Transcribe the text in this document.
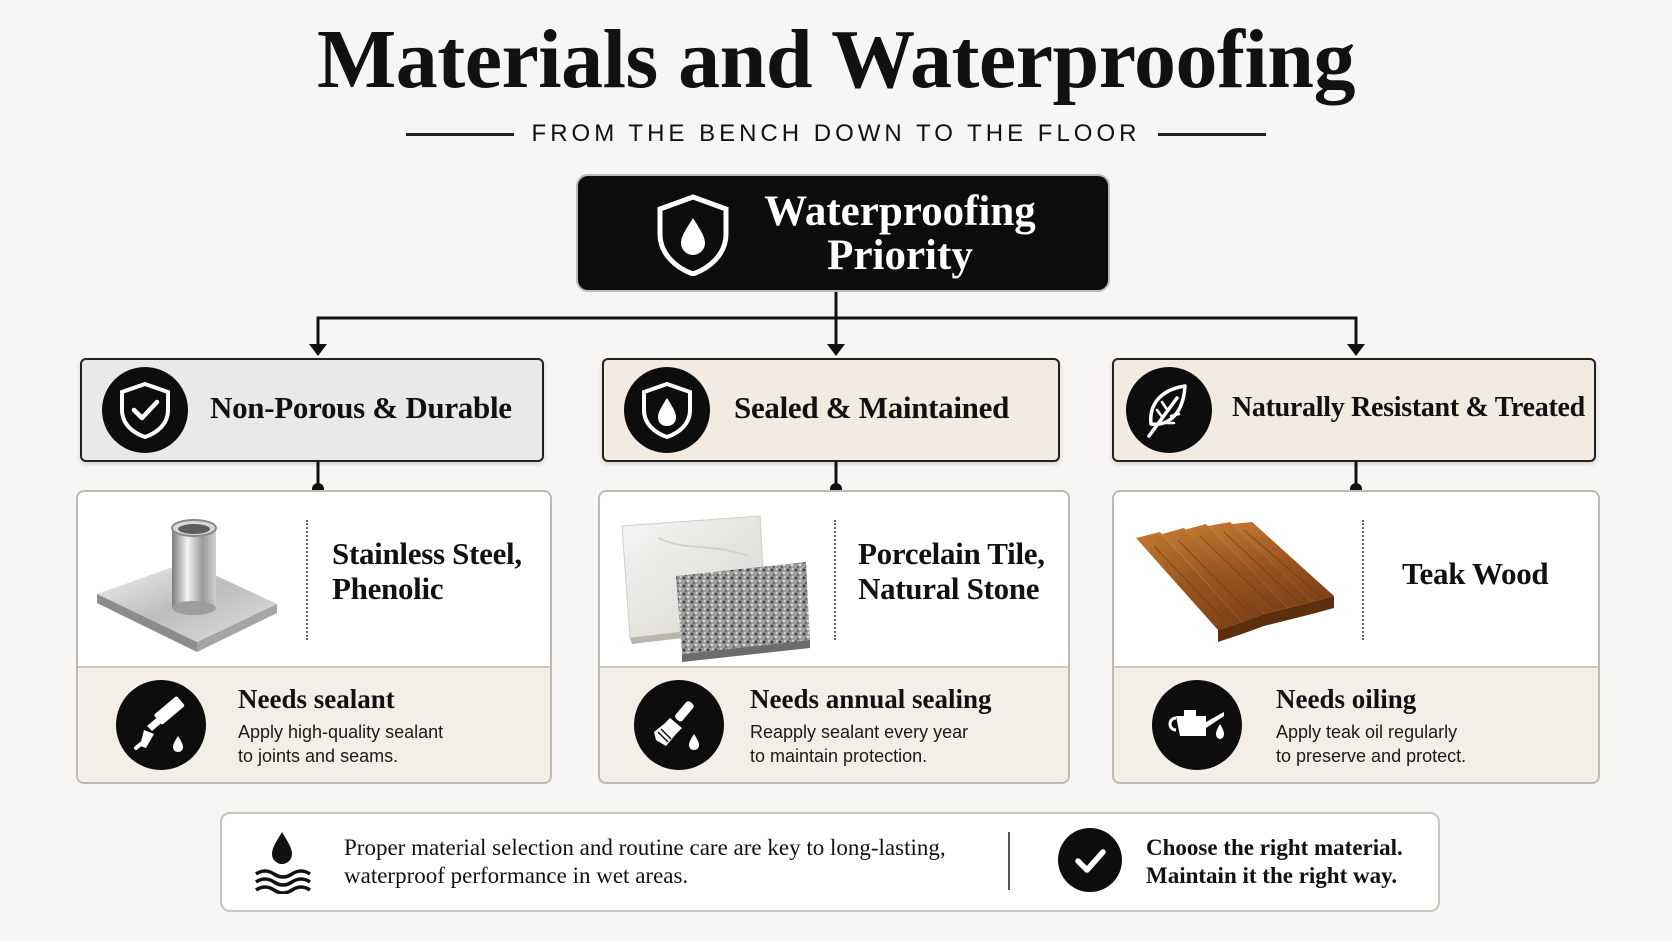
Materials and Waterproofing
FROM THE BENCH DOWN TO THE FLOOR
Waterproofing
Priority
Non-Porous & Durable
Stainless Steel,
Phenolic
Needs sealant
Apply high-quality sealant
to joints and seams.
Sealed & Maintained
Porcelain Tile,
Natural Stone
Needs annual sealing
Reapply sealant every year
to maintain protection.
Naturally Resistant & Treated
Teak Wood
Needs oiling
Apply teak oil regularly
to preserve and protect.
Proper material selection and routine care are key to long-lasting,
waterproof performance in wet areas.
Choose the right material.
Maintain it the right way.
